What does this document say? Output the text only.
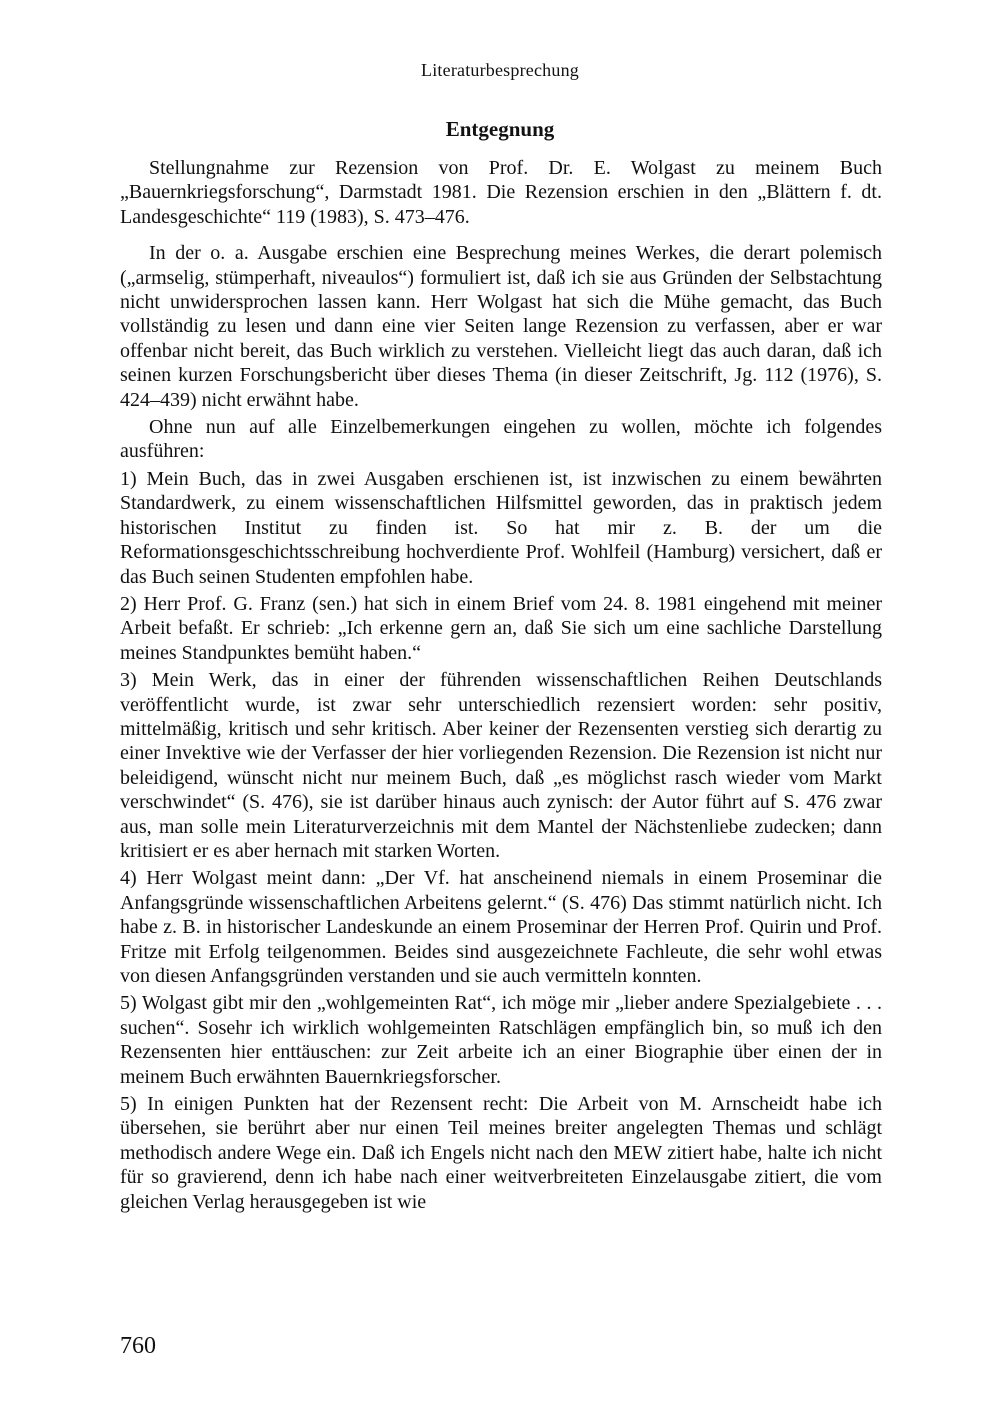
Literaturbesprechung
Entgegnung

Stellungnahme zur Rezension von Prof. Dr. E. Wolgast zu meinem Buch „Bauernkriegsforschung“, Darmstadt 1981. Die Rezension erschien in den „Blättern f. dt. Landesgeschichte“ 119 (1983), S. 473–476.

In der o. a. Ausgabe erschien eine Besprechung meines Werkes, die derart polemisch („armselig, stümperhaft, niveaulos“) formuliert ist, daß ich sie aus Gründen der Selbstachtung nicht unwidersprochen lassen kann. Herr Wolgast hat sich die Mühe gemacht, das Buch vollständig zu lesen und dann eine vier Seiten lange Rezension zu verfassen, aber er war offenbar nicht bereit, das Buch wirklich zu verstehen. Vielleicht liegt das auch daran, daß ich seinen kurzen Forschungsbericht über dieses Thema (in dieser Zeitschrift, Jg. 112 (1976), S. 424–439) nicht erwähnt habe.

Ohne nun auf alle Einzelbemerkungen eingehen zu wollen, möchte ich folgendes ausführen:

1) Mein Buch, das in zwei Ausgaben erschienen ist, ist inzwischen zu einem bewährten Standardwerk, zu einem wissenschaftlichen Hilfsmittel geworden, das in praktisch jedem historischen Institut zu finden ist. So hat mir z. B. der um die Reformationsgeschichtsschreibung hochverdiente Prof. Wohlfeil (Hamburg) versichert, daß er das Buch seinen Studenten empfohlen habe.

2) Herr Prof. G. Franz (sen.) hat sich in einem Brief vom 24. 8. 1981 eingehend mit meiner Arbeit befaßt. Er schrieb: „Ich erkenne gern an, daß Sie sich um eine sachliche Darstellung meines Standpunktes bemüht haben.“

3) Mein Werk, das in einer der führenden wissenschaftlichen Reihen Deutschlands veröffentlicht wurde, ist zwar sehr unterschiedlich rezensiert worden: sehr positiv, mittelmäßig, kritisch und sehr kritisch. Aber keiner der Rezensenten verstieg sich derartig zu einer Invektive wie der Verfasser der hier vorliegenden Rezension. Die Rezension ist nicht nur beleidigend, wünscht nicht nur meinem Buch, daß „es möglichst rasch wieder vom Markt verschwindet“ (S. 476), sie ist darüber hinaus auch zynisch: der Autor führt auf S. 476 zwar aus, man solle mein Literaturverzeichnis mit dem Mantel der Nächstenliebe zudecken; dann kritisiert er es aber hernach mit starken Worten.

4) Herr Wolgast meint dann: „Der Vf. hat anscheinend niemals in einem Proseminar die Anfangsgründe wissenschaftlichen Arbeitens gelernt.“ (S. 476) Das stimmt natürlich nicht. Ich habe z. B. in historischer Landeskunde an einem Proseminar der Herren Prof. Quirin und Prof. Fritze mit Erfolg teilgenommen. Beides sind ausgezeichnete Fachleute, die sehr wohl etwas von diesen Anfangsgründen verstanden und sie auch vermitteln konnten.

5) Wolgast gibt mir den „wohlgemeinten Rat“, ich möge mir „lieber andere Spezialgebiete . . . suchen“. Sosehr ich wirklich wohlgemeinten Ratschlägen empfänglich bin, so muß ich den Rezensenten hier enttäuschen: zur Zeit arbeite ich an einer Biographie über einen der in meinem Buch erwähnten Bauernkriegsforscher.

5) In einigen Punkten hat der Rezensent recht: Die Arbeit von M. Arnscheidt habe ich übersehen, sie berührt aber nur einen Teil meines breiter angelegten Themas und schlägt methodisch andere Wege ein. Daß ich Engels nicht nach den MEW zitiert habe, halte ich nicht für so gravierend, denn ich habe nach einer weitverbreiteten Einzelausgabe zitiert, die vom gleichen Verlag herausgegeben ist wie

760
